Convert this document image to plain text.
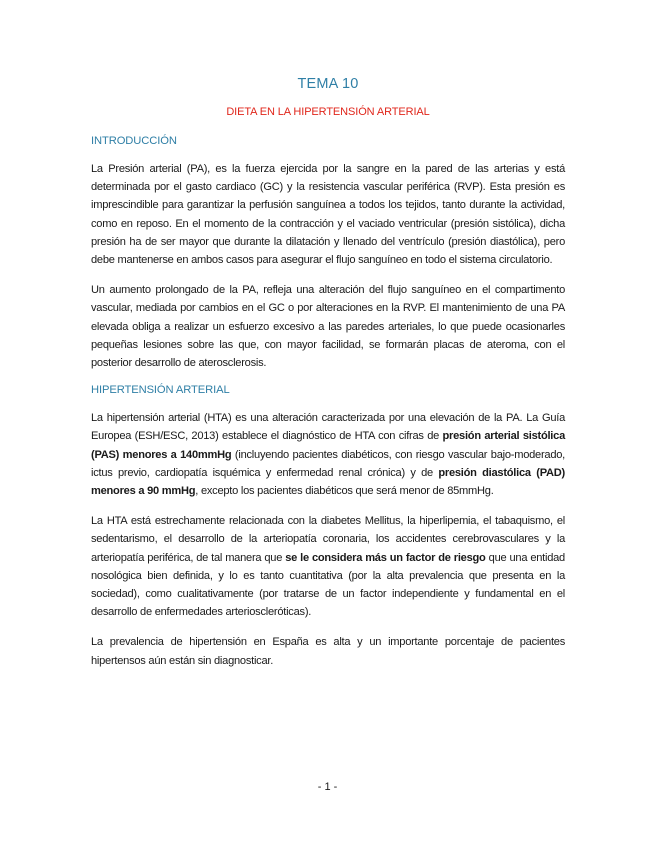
TEMA 10
DIETA EN LA HIPERTENSIÓN ARTERIAL
INTRODUCCIÓN

La Presión arterial (PA), es la fuerza ejercida por la sangre en la pared de las arterias y está determinada por el gasto cardiaco (GC) y la resistencia vascular periférica (RVP). Esta presión es imprescindible para garantizar la perfusión sanguínea a todos los tejidos, tanto durante la actividad, como en reposo. En el momento de la contracción y el vaciado ventricular (presión sistólica), dicha presión ha de ser mayor que durante la dilatación y llenado del ventrículo (presión diastólica), pero debe mantenerse en ambos casos para asegurar el flujo sanguíneo en todo el sistema circulatorio.

Un aumento prolongado de la PA, refleja una alteración del flujo sanguíneo en el compartimento vascular, mediada por cambios en el GC o por alteraciones en la RVP. El mantenimiento de una PA elevada obliga a realizar un esfuerzo excesivo a las paredes arteriales, lo que puede ocasionarles pequeñas lesiones sobre las que, con mayor facilidad, se formarán placas de ateroma, con el posterior desarrollo de aterosclerosis.

HIPERTENSIÓN ARTERIAL

La hipertensión arterial (HTA) es una alteración caracterizada por una elevación de la PA. La Guía Europea (ESH/ESC, 2013) establece el diagnóstico de HTA con cifras de presión arterial sistólica (PAS) menores a 140mmHg (incluyendo pacientes diabéticos, con riesgo vascular bajo-moderado, ictus previo, cardiopatía isquémica y enfermedad renal crónica) y de presión diastólica (PAD) menores a 90 mmHg, excepto los pacientes diabéticos que será menor de 85mmHg.

La HTA está estrechamente relacionada con la diabetes Mellitus, la hiperlipemia, el tabaquismo, el sedentarismo, el desarrollo de la arteriopatía coronaria, los accidentes cerebrovasculares y la arteriopatía periférica, de tal manera que se le considera más un factor de riesgo que una entidad nosológica bien definida, y lo es tanto cuantitativa (por la alta prevalencia que presenta en la sociedad), como cualitativamente (por tratarse de un factor independiente y fundamental en el desarrollo de enfermedades arterioscleróticas).

La prevalencia de hipertensión en España es alta y un importante porcentaje de pacientes hipertensos aún están sin diagnosticar.

- 1 -
